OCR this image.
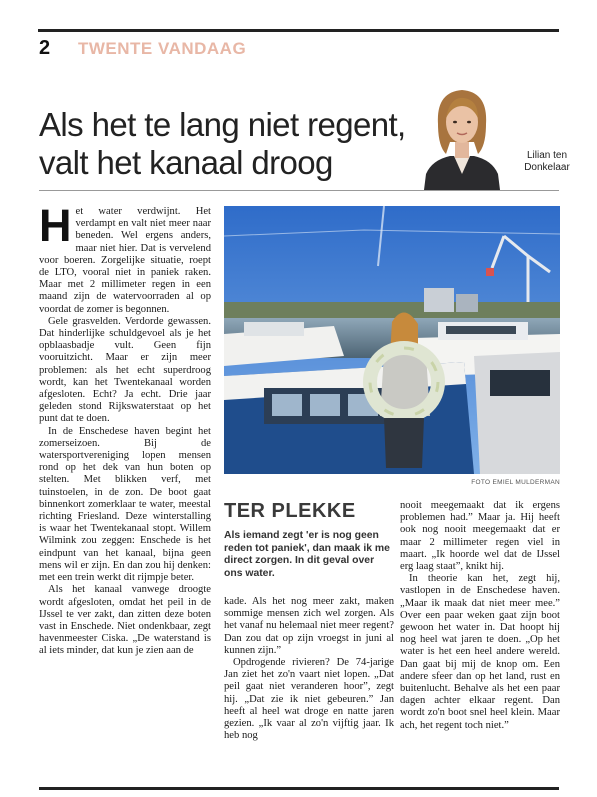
2 TWENTE VANDAAG
Als het te lang niet regent, valt het kanaal droog	Lilian ten Donkelaar
H et water verdwijnt. Het verdampt en valt niet meer naar beneden. Wel ergens anders, maar niet hier. Dat is vervelend voor boeren. Zorgelijke situatie, roept de LTO, vooral niet in paniek raken. Maar met 2 millimeter regen in een maand zijn de watervoorraden al op voordat de zomer is begonnen.

Gele grasvelden. Verdorde gewassen. Dat hinderlijke schuldgevoel als je het opblaasbadje vult. Geen fijn vooruitzicht. Maar er zijn meer problemen: als het echt superdroog wordt, kan het Twentekanaal worden afgesloten. Echt? Ja echt. Drie jaar geleden stond Rijkswaterstaat op het punt dat te doen.

In de Enschedese haven begint het zomerseizoen. Bij de watersportvereniging lopen mensen rond op het dek van hun boten op stelten. Met blikken verf, met tuinstoelen, in de zon. De boot gaat binnenkort zomerklaar te water, meestal richting Friesland. Deze winterstalling is waar het Twentekanaal stopt. Willem Wilmink zou zeggen: Enschede is het eindpunt van het kanaal, bijna geen mens wil er zijn. En dan zou hij denken: met een trein werkt dit rijmpje beter.

Als het kanaal vanwege droogte wordt afgesloten, omdat het peil in de IJssel te ver zakt, dan zitten deze boten vast in Enschede. Niet ondenkbaar, zegt havenmeester Ciska. „De waterstand is al iets minder, dat kun je zien aan de

FOTO EMIEL MULDERMAN
TER PLEKKE
Als iemand zegt 'er is nog geen reden tot paniek', dan maak ik me direct zorgen. In dit geval over ons water.

kade. Als het nog meer zakt, maken sommige mensen zich wel zorgen. Als het vanaf nu helemaal niet meer regent? Dan zou dat op zijn vroegst in juni al kunnen zijn.”

Opdrogende rivieren? De 74-jarige Jan ziet het zo'n vaart niet lopen. „Dat peil gaat niet veranderen hoor”, zegt hij. „Dat zie ik niet gebeuren.” Jan heeft al heel wat droge en natte jaren gezien. „Ik vaar al zo'n vijftig jaar. Ik heb nog

nooit meegemaakt dat ik ergens problemen had.” Maar ja. Hij heeft ook nog nooit meegemaakt dat er maar 2 millimeter regen viel in maart. „Ik hoorde wel dat de IJssel erg laag staat”, knikt hij.

In theorie kan het, zegt hij, vastlopen in de Enschedese haven. „Maar ik maak dat niet meer mee.” Over een paar weken gaat zijn boot gewoon het water in. Dat hoopt hij nog heel wat jaren te doen. „Op het water is het een heel andere wereld. Dan gaat bij mij de knop om. Een andere sfeer dan op het land, rust en buitenlucht. Behalve als het een paar dagen achter elkaar regent. Dan wordt zo'n boot snel heel klein. Maar ach, het regent toch niet.”
